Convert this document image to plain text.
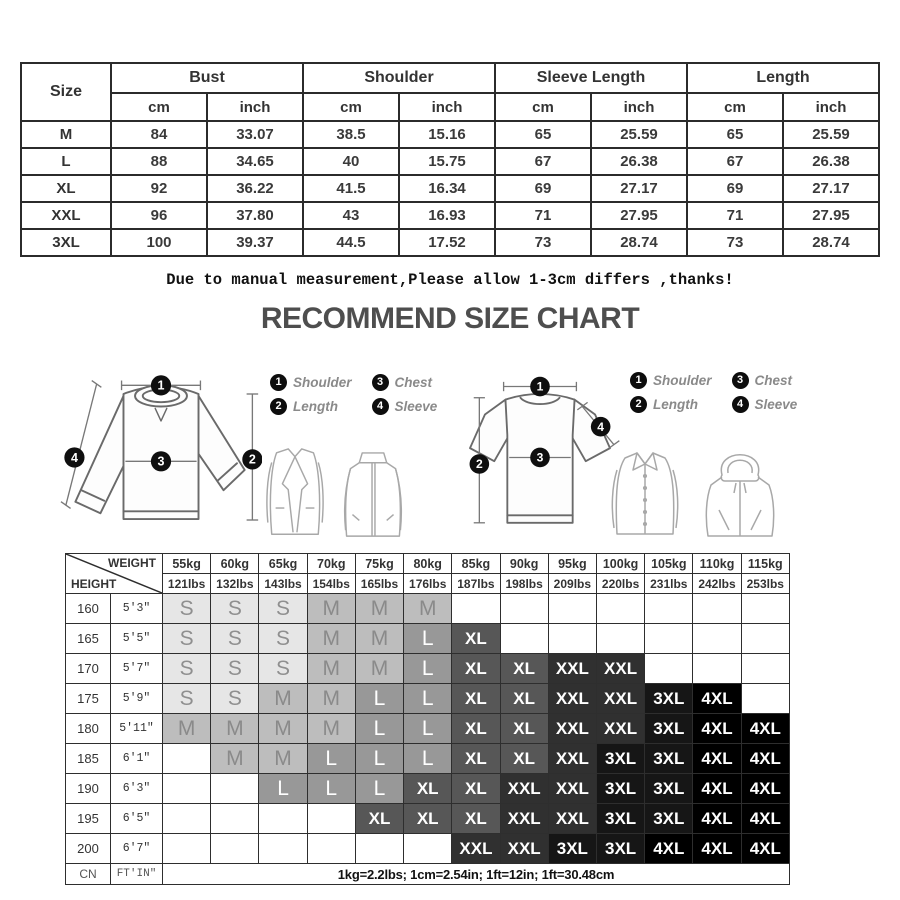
Size	Bust		Shoulder		Sleeve Length		Length	
	cm	inch	cm	inch	cm	inch	cm	inch
M	84	33.07	38.5	15.16	65	25.59	65	25.59
L	88	34.65	40	15.75	67	26.38	67	26.38
XL	92	36.22	41.5	16.34	69	27.17	69	27.17
XXL	96	37.80	43	16.93	71	27.95	71	27.95
3XL	100	39.37	44.5	17.52	73	28.74	73	28.74
Due to manual measurement,Please allow 1-3cm differs ,thanks!
RECOMMEND SIZE CHART
1
3	2
4
1 Shoulder	3 Chest
2 Length	4 Sleeve
1
2	3
4
1 Shoulder	3 Chest
2 Length	4 Sleeve
WEIGHT
HEIGHT		55kg	60kg	65kg	70kg	75kg	80kg	85kg	90kg	95kg	100kg	105kg	110kg	115kg
		121lbs	132lbs	143lbs	154lbs	165lbs	176lbs	187lbs	198lbs	209lbs	220lbs	231lbs	242lbs	253lbs
160	5'3"	S	S	S	M	M	M							
165	5'5"	S	S	S	M	M	L	XL						
170	5'7"	S	S	S	M	M	L	XL	XL	XXL	XXL			
175	5'9"	S	S	M	M	L	L	XL	XL	XXL	XXL	3XL	4XL	
180	5'11"	M	M	M	M	L	L	XL	XL	XXL	XXL	3XL	4XL	4XL
185	6'1"		M	M	L	L	L	XL	XL	XXL	3XL	3XL	4XL	4XL
190	6'3"			L	L	L	XL	XL	XXL	XXL	3XL	3XL	4XL	4XL
195	6'5"					XL	XL	XL	XXL	XXL	3XL	3XL	4XL	4XL
200	6'7"							XXL	XXL	3XL	3XL	4XL	4XL	4XL
CN	FT'IN"	1kg=2.2lbs; 1cm=2.54in; 1ft=12in; 1ft=30.48cm												
